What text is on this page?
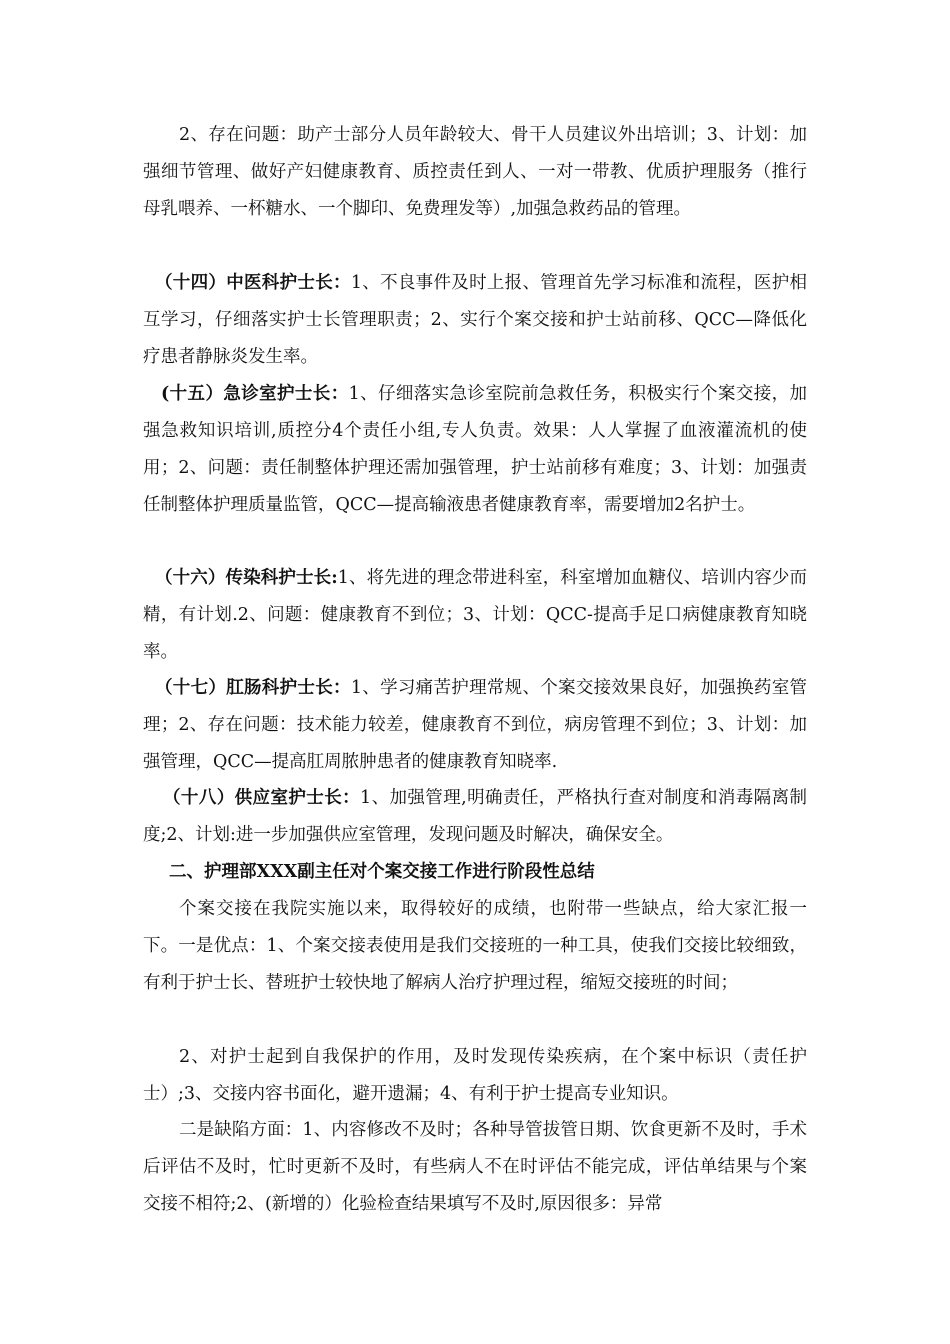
2、存在问题：助产士部分人员年龄较大、骨干人员建议外出培训；3、计划：加强细节管理、做好产妇健康教育、质控责任到人、一对一带教、优质护理服务（推行母乳喂养、一杯糖水、一个脚印、免费理发等）,加强急救药品的管理。

（十四）中医科护士长：1、不良事件及时上报、管理首先学习标准和流程，医护相互学习，仔细落实护士长管理职责；2、实行个案交接和护士站前移、QCC—降低化疗患者静脉炎发生率。

(十五）急诊室护士长：1、仔细落实急诊室院前急救任务，积极实行个案交接，加强急救知识培训,质控分4个责任小组,专人负责。效果：人人掌握了血液灌流机的使用；2、问题：责任制整体护理还需加强管理，护士站前移有难度；3、计划：加强责任制整体护理质量监管，QCC—提高输液患者健康教育率，需要增加2名护士。

（十六）传染科护士长:1、将先进的理念带进科室，科室增加血糖仪、培训内容少而精，有计划.2、问题：健康教育不到位；3、计划：QCC-提高手足口病健康教育知晓率。

（十七）肛肠科护士长：1、学习痛苦护理常规、个案交接效果良好，加强换药室管理；2、存在问题：技术能力较差，健康教育不到位，病房管理不到位；3、计划：加强管理，QCC—提高肛周脓肿患者的健康教育知晓率.

（十八）供应室护士长：1、加强管理,明确责任，严格执行查对制度和消毒隔离制度;2、计划:进一步加强供应室管理，发现问题及时解决，确保安全。

二、护理部XXX副主任对个案交接工作进行阶段性总结

个案交接在我院实施以来，取得较好的成绩，也附带一些缺点，给大家汇报一下。一是优点：1、个案交接表使用是我们交接班的一种工具，使我们交接比较细致，有利于护士长、替班护士较快地了解病人治疗护理过程，缩短交接班的时间；

2、对护士起到自我保护的作用，及时发现传染疾病，在个案中标识（责任护士）;3、交接内容书面化，避开遗漏；4、有利于护士提高专业知识。

二是缺陷方面：1、内容修改不及时；各种导管拔管日期、饮食更新不及时，手术后评估不及时，忙时更新不及时，有些病人不在时评估不能完成，评估单结果与个案交接不相符;2、(新增的）化验检查结果填写不及时,原因很多：异常
